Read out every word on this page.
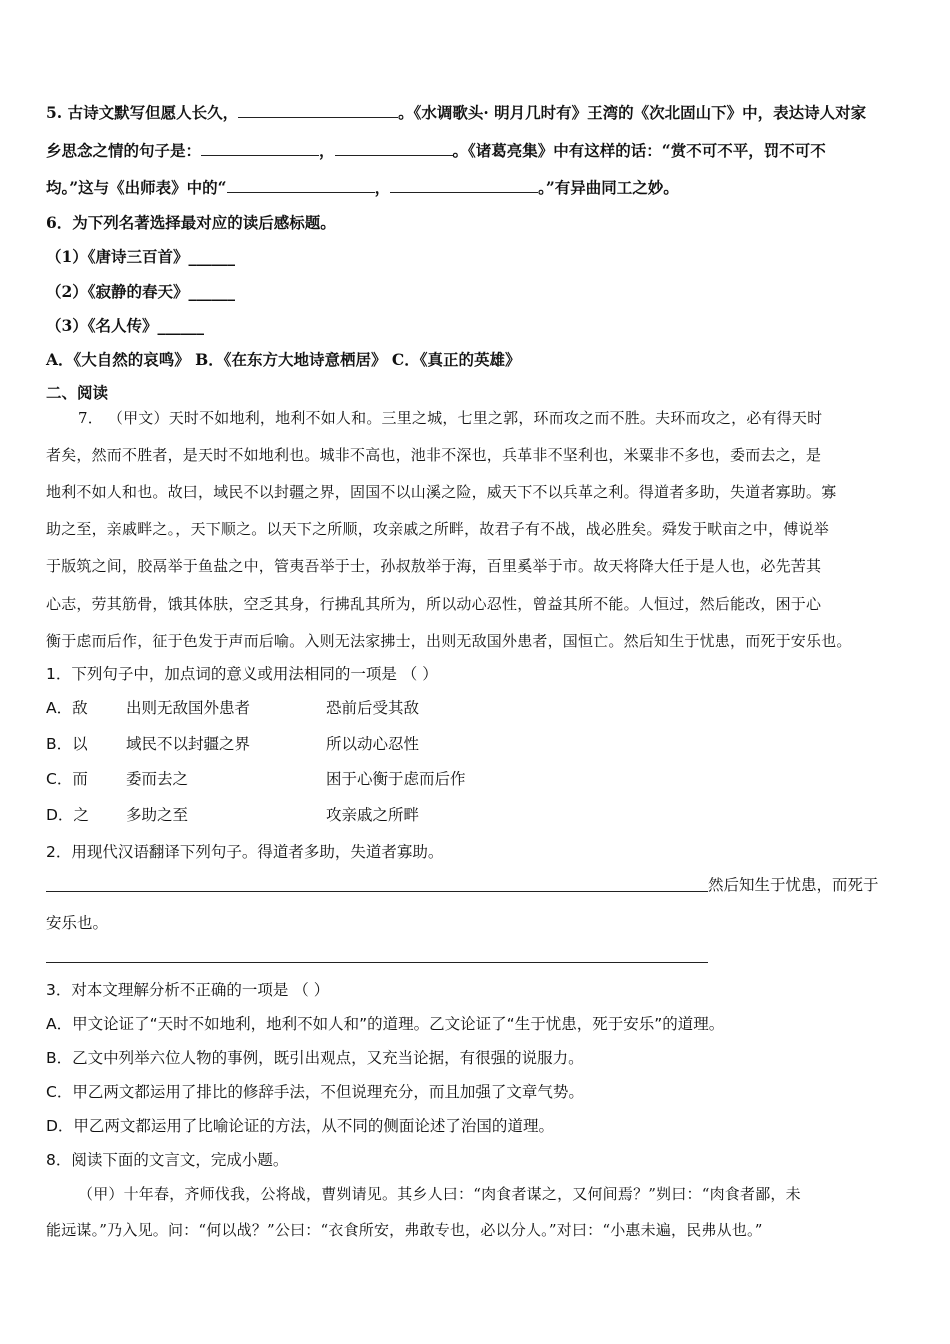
5. 古诗文默写但愿人长久，	。《水调歌头· 明月几时有》王湾的《次北固山下》中，表达诗人对家
乡思念之情的句子是：	，	。《诸葛亮集》中有这样的话：“赏不可不平，罚不可不
均。”这与《出师表》中的“	，	。”有异曲同工之妙。
6．为下列名著选择最对应的读后感标题。
（1）《唐诗三百首》______
（2）《寂静的春天》______
（3）《名人传》______
A．《大自然的哀鸣》 B．《在东方大地诗意栖居》 C．《真正的英雄》
二、阅读
7． （甲文）天时不如地利，地利不如人和。三里之城，七里之郭，环而攻之而不胜。夫环而攻之，必有得天时
者矣，然而不胜者，是天时不如地利也。城非不高也，池非不深也，兵革非不坚利也，米粟非不多也，委而去之，是
地利不如人和也。故曰，域民不以封疆之界，固国不以山溪之险，威天下不以兵革之利。得道者多助，失道者寡助。寡
助之至，亲戚畔之。，天下顺之。以天下之所顺，攻亲戚之所畔，故君子有不战，战必胜矣。舜发于畎亩之中，傅说举
于版筑之间，胶鬲举于鱼盐之中，管夷吾举于士，孙叔敖举于海，百里奚举于市。故天将降大任于是人也，必先苦其
心志，劳其筋骨，饿其体肤，空乏其身，行拂乱其所为，所以动心忍性，曾益其所不能。人恒过，然后能改，困于心
衡于虑而后作，征于色发于声而后喻。入则无法家拂士，出则无敌国外患者，国恒亡。然后知生于忧患，而死于安乐也。
1．下列句子中，加点词的意义或用法相同的一项是 （ ）
A．敌 出则无敌国外患者	恐前后受其敌
B．以 域民不以封疆之界	所以动心忍性
C．而 委而去之	困于心衡于虑而后作
D．之 多助之至	攻亲戚之所畔
2．用现代汉语翻译下列句子。得道者多助，失道者寡助。
然后知生于忧患，而死于
安乐也。
3．对本文理解分析不正确的一项是 （ ）
A．甲文论证了“天时不如地利，地利不如人和”的道理。乙文论证了“生于忧患，死于安乐”的道理。
B．乙文中列举六位人物的事例，既引出观点，又充当论据，有很强的说服力。
C．甲乙两文都运用了排比的修辞手法，不但说理充分，而且加强了文章气势。
D．甲乙两文都运用了比喻论证的方法，从不同的侧面论述了治国的道理。
8．阅读下面的文言文，完成小题。
（甲）十年春，齐师伐我，公将战，曹刿请见。其乡人曰：“肉食者谋之，又何间焉？”刿曰：“肉食者鄙，未
能远谋。”乃入见。问：“何以战？”公曰：“衣食所安，弗敢专也，必以分人。”对曰：“小惠未遍，民弗从也。”
